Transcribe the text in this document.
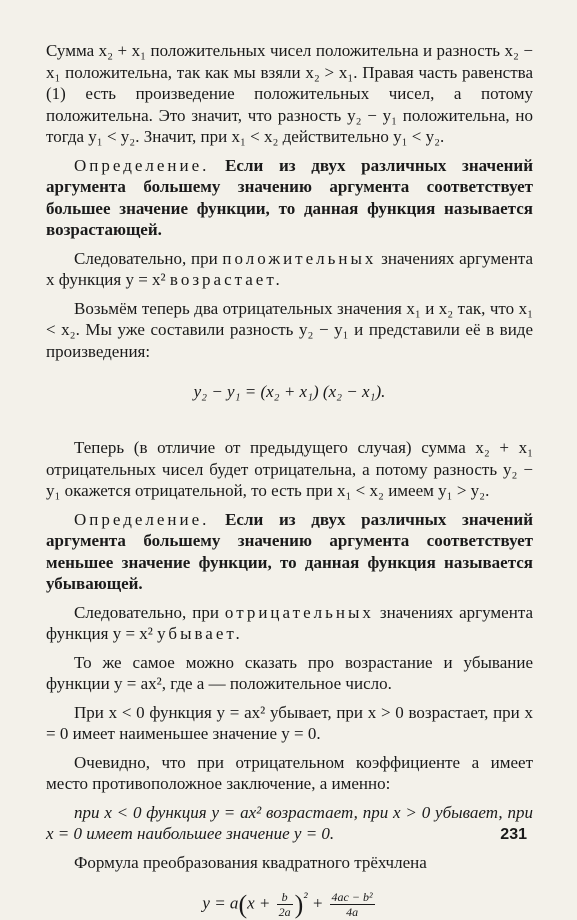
Сумма x₂ + x₁ положительных чисел положительна и разность x₂ − x₁ положительна, так как мы взяли x₂ > x₁. Правая часть равенства (1) есть произведение положительных чисел, а потому положительна. Это значит, что разность y₂ − y₁ положительна, но тогда y₁ < y₂. Значит, при x₁ < x₂ действительно y₁ < y₂.

Определение. Если из двух различных значений аргумента большему значению аргумента соответствует большее значение функции, то данная функция называется возрастающей.

Следовательно, при положительных значениях аргумента x функция y = x² возрастает.

Возьмём теперь два отрицательных значения x₁ и x₂ так, что x₁ < x₂. Мы уже составили разность y₂ − y₁ и представили её в виде произведения:

y₂ − y₁ = (x₂ + x₁) (x₂ − x₁).

Теперь (в отличие от предыдущего случая) сумма x₂ + x₁ отрицательных чисел будет отрицательна, а потому разность y₂ − y₁ окажется отрицательной, то есть при x₁ < x₂ имеем y₁ > y₂.

Определение. Если из двух различных значений аргумента большему значению аргумента соответствует меньшее значение функции, то данная функция называется убывающей.

Следовательно, при отрицательных значениях аргумента функция y = x² убывает.

То же самое можно сказать про возрастание и убывание функции y = ax², где a — положительное число.

При x < 0 функция y = ax² убывает, при x > 0 возрастает, при x = 0 имеет наименьшее значение y = 0.

Очевидно, что при отрицательном коэффициенте a имеет место противоположное заключение, а именно:

при x < 0 функция y = ax² возрастает, при x > 0 убывает, при x = 0 имеет наибольшее значение y = 0.

Формула преобразования квадратного трёхчлена

$y = a(x + \frac{b}{2a} )^{^2} + \frac{\text{4ac − b²}}{4a}$
231
